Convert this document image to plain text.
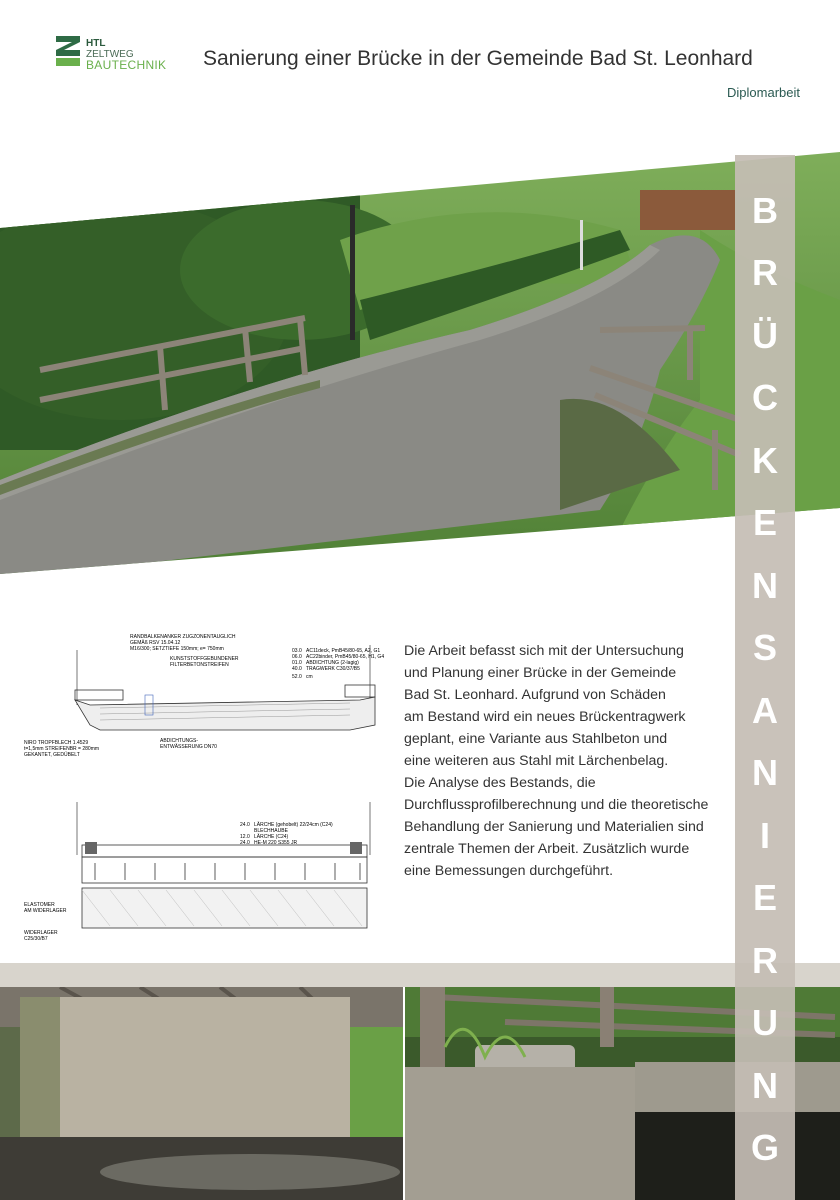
HTL
ZELTWEG
BAUTECHNIK Sanierung einer Brücke in der Gemeinde Bad St. Leonhard
Diplomarbeit
RANDBALKENANKER ZUGZONENTAUGLICH
GEMÄß RSV 15.04.12
M16/300; SETZTIEFE 150mm; e= 750mm
KUNSTSTOFFGEBUNDENER
FILTERBETONSTREIFEN
NIRO TROPFBLECH 1.4529
t=1,5mm STREIFENBR = 280mm
GEKANTET, GEDÜBELT
ABDICHTUNGS-
ENTWÄSSERUNG DN70
03.0 AC11deck, PmB45/80-65, A2, G1
06.0 AC22binder, PmB45/80-65, H1, G4
01.0 ABDICHTUNG (2-lagig)
40.0 TRAGWERK C30/37/B5
52.0 cm
ELASTOMER
AM WIDERLAGER
WIDERLAGER
C25/30/B7
24.0 LÄRCHE (gehobelt) 22/24cm (C24)
BLECHHAUBE
12.0 LÄRCHE (C24)
24.0 HE-M 220 S355 JR

Die Arbeit befasst sich mit der Untersuchung

und Planung einer Brücke in der Gemeinde

Bad St. Leonhard. Aufgrund von Schäden

am Bestand wird ein neues Brückentragwerk

geplant, eine Variante aus Stahlbeton und

eine weiteren aus Stahl mit Lärchenbelag.

Die Analyse des Bestands, die

Durchflussprofilberechnung und die theoretische

Behandlung der Sanierung und Materialien sind

zentrale Themen der Arbeit. Zusätzlich wurde

eine Bemessungen durchgeführt.

B
R
Ü
C
K
E
N
S
A
N
I
E
R
U
N
G
